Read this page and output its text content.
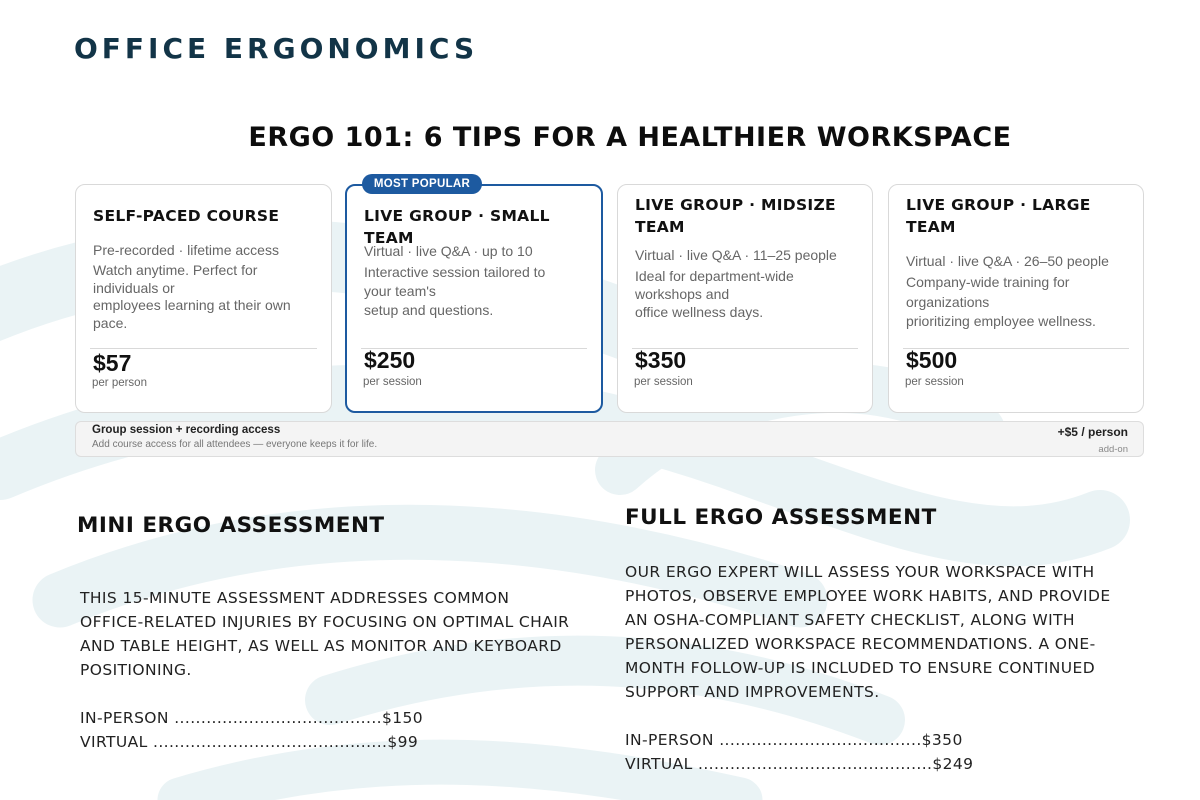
OFFICE ERGONOMICS
ERGO 101: 6 TIPS FOR A HEALTHIER WORKSPACE
SELF-PACED COURSE
Pre-recorded · lifetime access
Watch anytime. Perfect for
individuals or
employees learning at their own
pace.
$57
per person
LIVE GROUP · SMALL TEAM
Virtual · live Q&A · up to 10
Interactive session tailored to
your team's
setup and questions.
$250
per session
MOST POPULAR
LIVE GROUP · MIDSIZE TEAM
Virtual · live Q&A · 11–25 people
Ideal for department-wide
workshops and
office wellness days.
$350
per session
LIVE GROUP · LARGE TEAM
Virtual · live Q&A · 26–50 people
Company-wide training for
organizations
prioritizing employee wellness.
$500
per session
Group session + recording access
Add course access for all attendees — everyone keeps it for life.
+$5 / person
add-on
MINI ERGO ASSESSMENT
THIS 15-MINUTE ASSESSMENT ADDRESSES COMMON
OFFICE-RELATED INJURIES BY FOCUSING ON OPTIMAL CHAIR
AND TABLE HEIGHT, AS WELL AS MONITOR AND KEYBOARD
POSITIONING.
IN-PERSON .......................................$150
VIRTUAL ............................................$99
FULL ERGO ASSESSMENT
OUR ERGO EXPERT WILL ASSESS YOUR WORKSPACE WITH
PHOTOS, OBSERVE EMPLOYEE WORK HABITS, AND PROVIDE
AN OSHA-COMPLIANT SAFETY CHECKLIST, ALONG WITH
PERSONALIZED WORKSPACE RECOMMENDATIONS. A ONE-
MONTH FOLLOW-UP IS INCLUDED TO ENSURE CONTINUED
SUPPORT AND IMPROVEMENTS.
IN-PERSON ......................................$350
VIRTUAL ............................................$249
